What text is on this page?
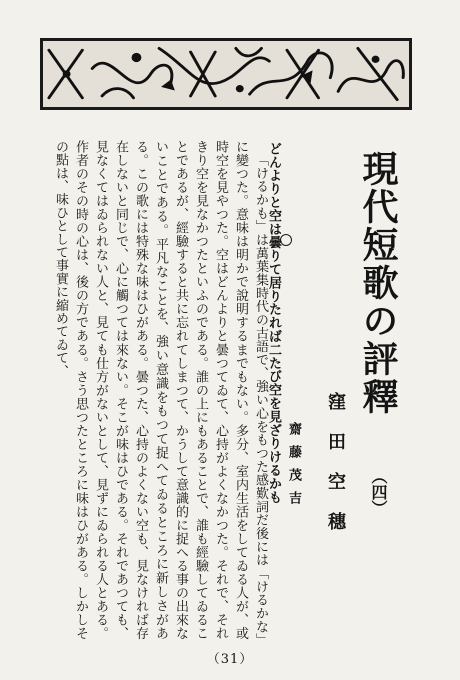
現代短歌の評釋
（四）
窪田空穗
どんよりと空は曇りて居りたれば二たび空を見ざりけるかも 齋藤茂吉

「けるかも」は萬葉集時代の古語で、強い心をもつた感歎詞だ後には「けるかな」に變つた。意味は明かで說明するまでもない。多分、室内生活をしてゐる人が、或時空を見やつた。空はどんよりと曇つてゐて、心持がよくなかつた。それで、それきり空を見なかつたといふのである。誰の上にもあることで、誰も經驗してゐることであるが、經驗すると共に忘れてしまつて、かうして意識的に捉へる事の出來ないことである。平凡なことを、強い意識をもつて捉へてゐるところに新しさがある。この歌には特殊な味はひがある。曇つた、心持のよくない空も、見なければ存在しないと同じで、心に觸つては來ない。そこが味はひである。それであつても、見なくてはゐられない人と、見ても仕方がないとして、見ずにゐられる人とある。作者のその時の心は、後の方である。さう思つたところに味はひがある。しかしその點は、味ひとして事實に縮めてゐて、

（31）
